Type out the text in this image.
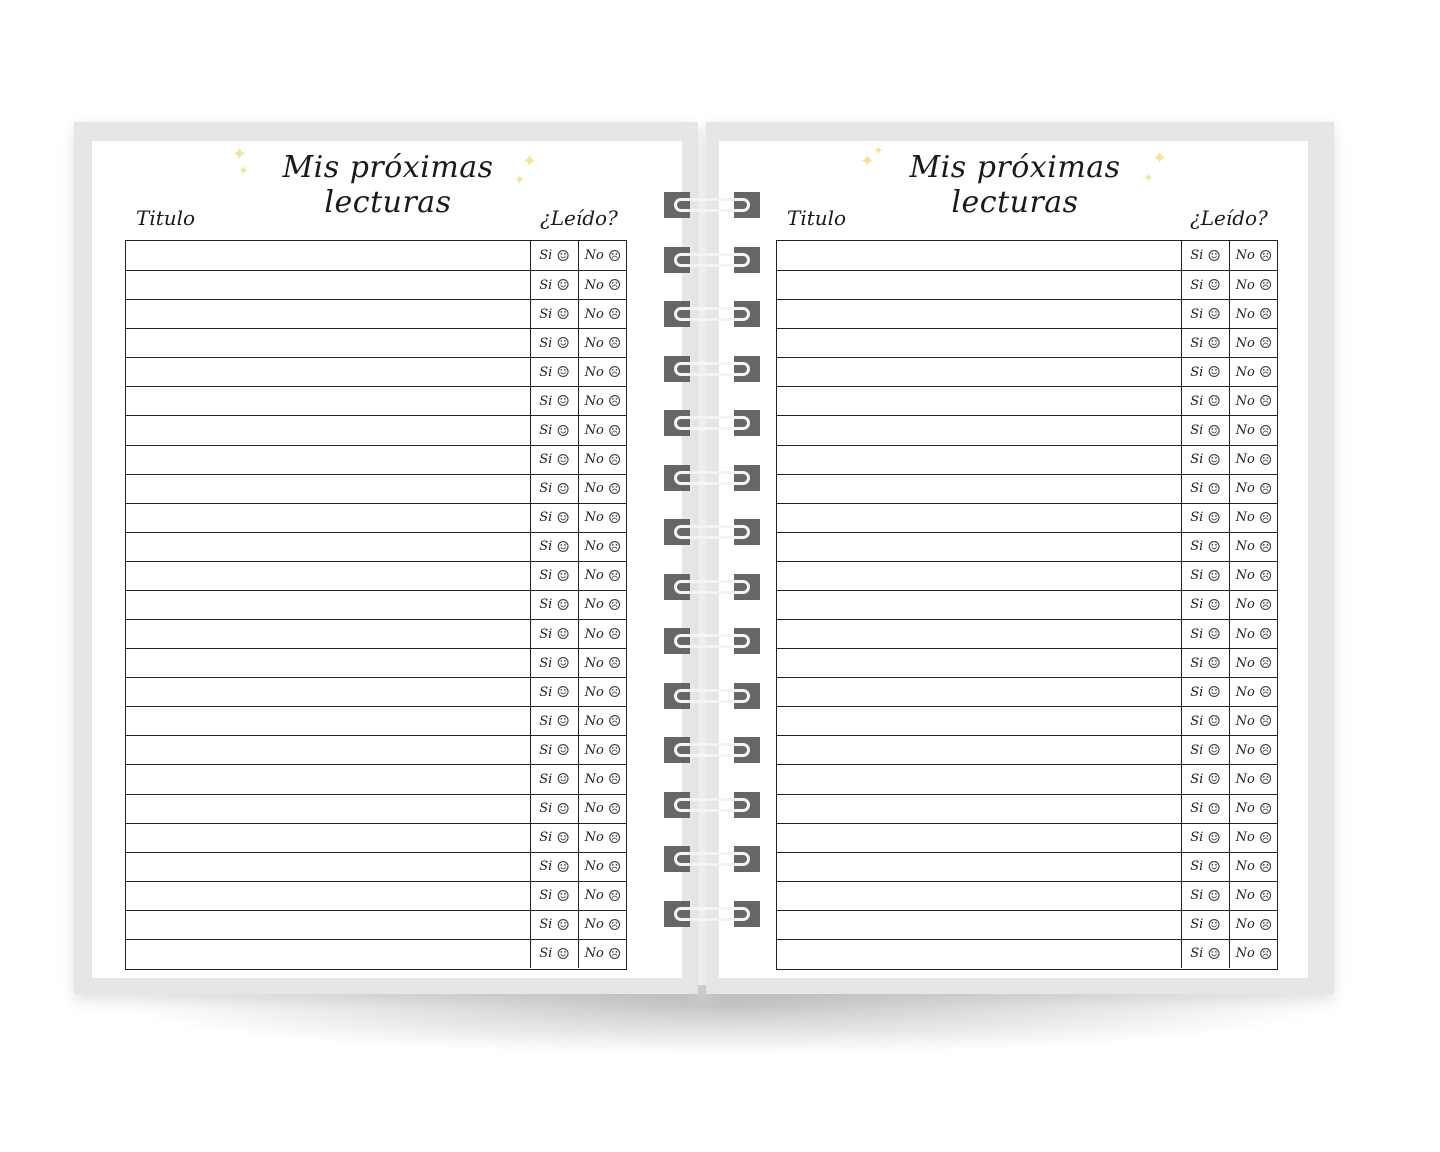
Mis próximas lecturas
✦
✦	✦
✦
Titulo	¿Leído?
Mis próximas lecturas
✦
✦	✦
✦
Titulo	¿Leído?
Si ☺ No ☹
Si ☺ No ☹
Si ☺ No ☹
Si ☺ No ☹
Si ☺ No ☹
Si ☺ No ☹
Si ☺ No ☹
Si ☺ No ☹
Si ☺ No ☹
Si ☺ No ☹
Si ☺ No ☹
Si ☺ No ☹
Si ☺ No ☹
Si ☺ No ☹
Si ☺ No ☹
Si ☺ No ☹
Si ☺ No ☹
Si ☺ No ☹
Si ☺ No ☹
Si ☺ No ☹
Si ☺ No ☹
Si ☺ No ☹
Si ☺ No ☹
Si ☺ No ☹
Si ☺ No ☹
Si ☺ No ☹
Si ☺ No ☹
Si ☺ No ☹
Si ☺ No ☹
Si ☺ No ☹
Si ☺ No ☹
Si ☺ No ☹
Si ☺ No ☹
Si ☺ No ☹
Si ☺ No ☹
Si ☺ No ☹
Si ☺ No ☹
Si ☺ No ☹
Si ☺ No ☹
Si ☺ No ☹
Si ☺ No ☹
Si ☺ No ☹
Si ☺ No ☹
Si ☺ No ☹
Si ☺ No ☹
Si ☺ No ☹
Si ☺ No ☹
Si ☺ No ☹
Si ☺ No ☹
Si ☺ No ☹
